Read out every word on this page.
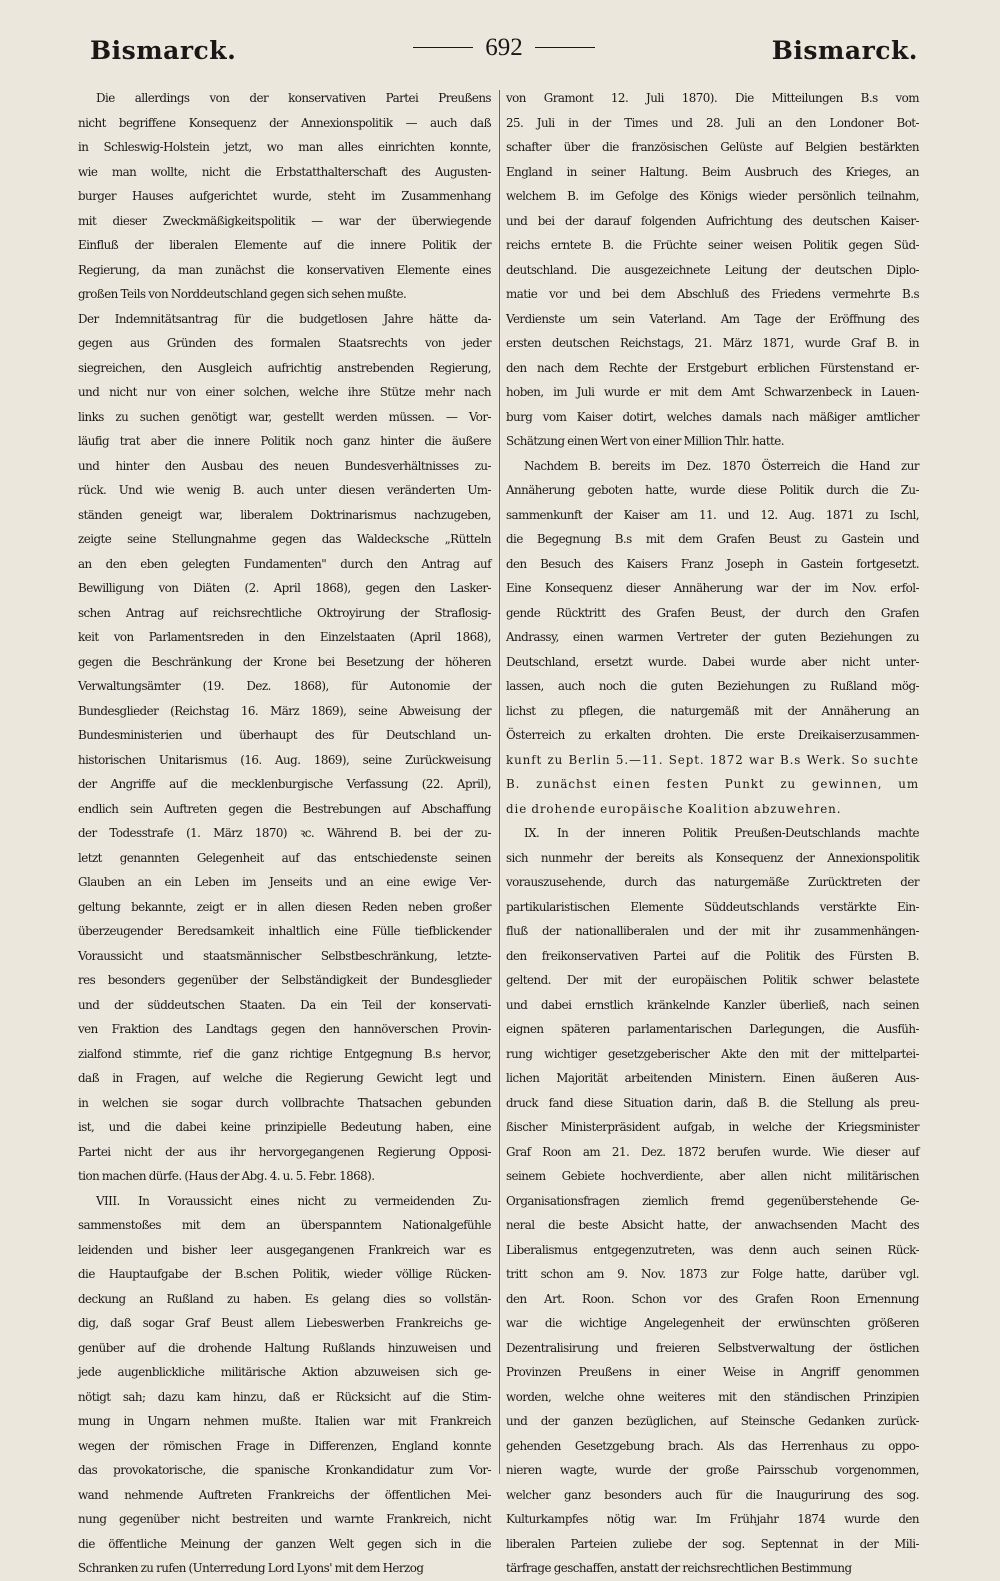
Bismarck.	692	Bismarck.
Die allerdings von der konservativen Partei Preußens
nicht begriffene Konsequenz der Annexionspolitik — auch daß
in Schleswig-Holstein jetzt, wo man alles einrichten konnte,
wie man wollte, nicht die Erbstatthalterschaft des Augusten-
burger Hauses aufgerichtet wurde, steht im Zusammenhang
mit dieser Zweckmäßigkeitspolitik — war der überwiegende
Einfluß der liberalen Elemente auf die innere Politik der
Regierung, da man zunächst die konservativen Elemente eines
großen Teils von Norddeutschland gegen sich sehen mußte.
Der Indemnitätsantrag für die budgetlosen Jahre hätte da-
gegen aus Gründen des formalen Staatsrechts von jeder
siegreichen, den Ausgleich aufrichtig anstrebenden Regierung,
und nicht nur von einer solchen, welche ihre Stütze mehr nach
links zu suchen genötigt war, gestellt werden müssen. — Vor-
läufig trat aber die innere Politik noch ganz hinter die äußere
und hinter den Ausbau des neuen Bundesverhältnisses zu-
rück. Und wie wenig B. auch unter diesen veränderten Um-
ständen geneigt war, liberalem Doktrinarismus nachzugeben,
zeigte seine Stellungnahme gegen das Waldecksche „Rütteln
an den eben gelegten Fundamenten" durch den Antrag auf
Bewilligung von Diäten (2. April 1868), gegen den Lasker-
schen Antrag auf reichsrechtliche Oktroyirung der Straflosig-
keit von Parlamentsreden in den Einzelstaaten (April 1868),
gegen die Beschränkung der Krone bei Besetzung der höheren
Verwaltungsämter (19. Dez. 1868), für Autonomie der
Bundesglieder (Reichstag 16. März 1869), seine Abweisung der
Bundesministerien und überhaupt des für Deutschland un-
historischen Unitarismus (16. Aug. 1869), seine Zurückweisung
der Angriffe auf die mecklenburgische Verfassung (22. April),
endlich sein Auftreten gegen die Bestrebungen auf Abschaffung
der Todesstrafe (1. März 1870) ꝛc. Während B. bei der zu-
letzt genannten Gelegenheit auf das entschiedenste seinen
Glauben an ein Leben im Jenseits und an eine ewige Ver-
geltung bekannte, zeigt er in allen diesen Reden neben großer
überzeugender Beredsamkeit inhaltlich eine Fülle tiefblickender
Voraussicht und staatsmännischer Selbstbeschränkung, letzte-
res besonders gegenüber der Selbständigkeit der Bundesglieder
und der süddeutschen Staaten. Da ein Teil der konservati-
ven Fraktion des Landtags gegen den hannöverschen Provin-
zialfond stimmte, rief die ganz richtige Entgegnung B.s hervor,
daß in Fragen, auf welche die Regierung Gewicht legt und
in welchen sie sogar durch vollbrachte Thatsachen gebunden
ist, und die dabei keine prinzipielle Bedeutung haben, eine
Partei nicht der aus ihr hervorgegangenen Regierung Opposi-
tion machen dürfe. (Haus der Abg. 4. u. 5. Febr. 1868).
VIII. In Voraussicht eines nicht zu vermeidenden Zu-
sammenstoßes mit dem an überspanntem Nationalgefühle
leidenden und bisher leer ausgegangenen Frankreich war es
die Hauptaufgabe der B.schen Politik, wieder völlige Rücken-
deckung an Rußland zu haben. Es gelang dies so vollstän-
dig, daß sogar Graf Beust allem Liebeswerben Frankreichs ge-
genüber auf die drohende Haltung Rußlands hinzuweisen und
jede augenblickliche militärische Aktion abzuweisen sich ge-
nötigt sah; dazu kam hinzu, daß er Rücksicht auf die Stim-
mung in Ungarn nehmen mußte. Italien war mit Frankreich
wegen der römischen Frage in Differenzen, England konnte
das provokatorische, die spanische Kronkandidatur zum Vor-
wand nehmende Auftreten Frankreichs der öffentlichen Mei-
nung gegenüber nicht bestreiten und warnte Frankreich, nicht
die öffentliche Meinung der ganzen Welt gegen sich in die
Schranken zu rufen (Unterredung Lord Lyons' mit dem Herzog
von Gramont 12. Juli 1870). Die Mitteilungen B.s vom
25. Juli in der Times und 28. Juli an den Londoner Bot-
schafter über die französischen Gelüste auf Belgien bestärkten
England in seiner Haltung. Beim Ausbruch des Krieges, an
welchem B. im Gefolge des Königs wieder persönlich teilnahm,
und bei der darauf folgenden Aufrichtung des deutschen Kaiser-
reichs erntete B. die Früchte seiner weisen Politik gegen Süd-
deutschland. Die ausgezeichnete Leitung der deutschen Diplo-
matie vor und bei dem Abschluß des Friedens vermehrte B.s
Verdienste um sein Vaterland. Am Tage der Eröffnung des
ersten deutschen Reichstags, 21. März 1871, wurde Graf B. in
den nach dem Rechte der Erstgeburt erblichen Fürstenstand er-
hoben, im Juli wurde er mit dem Amt Schwarzenbeck in Lauen-
burg vom Kaiser dotirt, welches damals nach mäßiger amtlicher
Schätzung einen Wert von einer Million Thlr. hatte.
Nachdem B. bereits im Dez. 1870 Österreich die Hand zur
Annäherung geboten hatte, wurde diese Politik durch die Zu-
sammenkunft der Kaiser am 11. und 12. Aug. 1871 zu Ischl,
die Begegnung B.s mit dem Grafen Beust zu Gastein und
den Besuch des Kaisers Franz Joseph in Gastein fortgesetzt.
Eine Konsequenz dieser Annäherung war der im Nov. erfol-
gende Rücktritt des Grafen Beust, der durch den Grafen
Andrassy, einen warmen Vertreter der guten Beziehungen zu
Deutschland, ersetzt wurde. Dabei wurde aber nicht unter-
lassen, auch noch die guten Beziehungen zu Rußland mög-
lichst zu pflegen, die naturgemäß mit der Annäherung an
Österreich zu erkalten drohten. Die erste Dreikaiserzusammen-
kunft zu Berlin 5.—11. Sept. 1872 war B.s Werk. So suchte
B. zunächst einen festen Punkt zu gewinnen, um
die drohende europäische Koalition abzuwehren.
IX. In der inneren Politik Preußen-Deutschlands machte
sich nunmehr der bereits als Konsequenz der Annexionspolitik
vorauszusehende, durch das naturgemäße Zurücktreten der
partikularistischen Elemente Süddeutschlands verstärkte Ein-
fluß der nationalliberalen und der mit ihr zusammenhängen-
den freikonservativen Partei auf die Politik des Fürsten B.
geltend. Der mit der europäischen Politik schwer belastete
und dabei ernstlich kränkelnde Kanzler überließ, nach seinen
eignen späteren parlamentarischen Darlegungen, die Ausfüh-
rung wichtiger gesetzgeberischer Akte den mit der mittelpartei-
lichen Majorität arbeitenden Ministern. Einen äußeren Aus-
druck fand diese Situation darin, daß B. die Stellung als preu-
ßischer Ministerpräsident aufgab, in welche der Kriegsminister
Graf Roon am 21. Dez. 1872 berufen wurde. Wie dieser auf
seinem Gebiete hochverdiente, aber allen nicht militärischen
Organisationsfragen ziemlich fremd gegenüberstehende Ge-
neral die beste Absicht hatte, der anwachsenden Macht des
Liberalismus entgegenzutreten, was denn auch seinen Rück-
tritt schon am 9. Nov. 1873 zur Folge hatte, darüber vgl.
den Art. Roon. Schon vor des Grafen Roon Ernennung
war die wichtige Angelegenheit der erwünschten größeren
Dezentralisirung und freieren Selbstverwaltung der östlichen
Provinzen Preußens in einer Weise in Angriff genommen
worden, welche ohne weiteres mit den ständischen Prinzipien
und der ganzen bezüglichen, auf Steinsche Gedanken zurück-
gehenden Gesetzgebung brach. Als das Herrenhaus zu oppo-
nieren wagte, wurde der große Pairsschub vorgenommen,
welcher ganz besonders auch für die Inaugurirung des sog.
Kulturkampfes nötig war. Im Frühjahr 1874 wurde den
liberalen Parteien zuliebe der sog. Septennat in der Mili-
tärfrage geschaffen, anstatt der reichsrechtlichen Bestimmung
